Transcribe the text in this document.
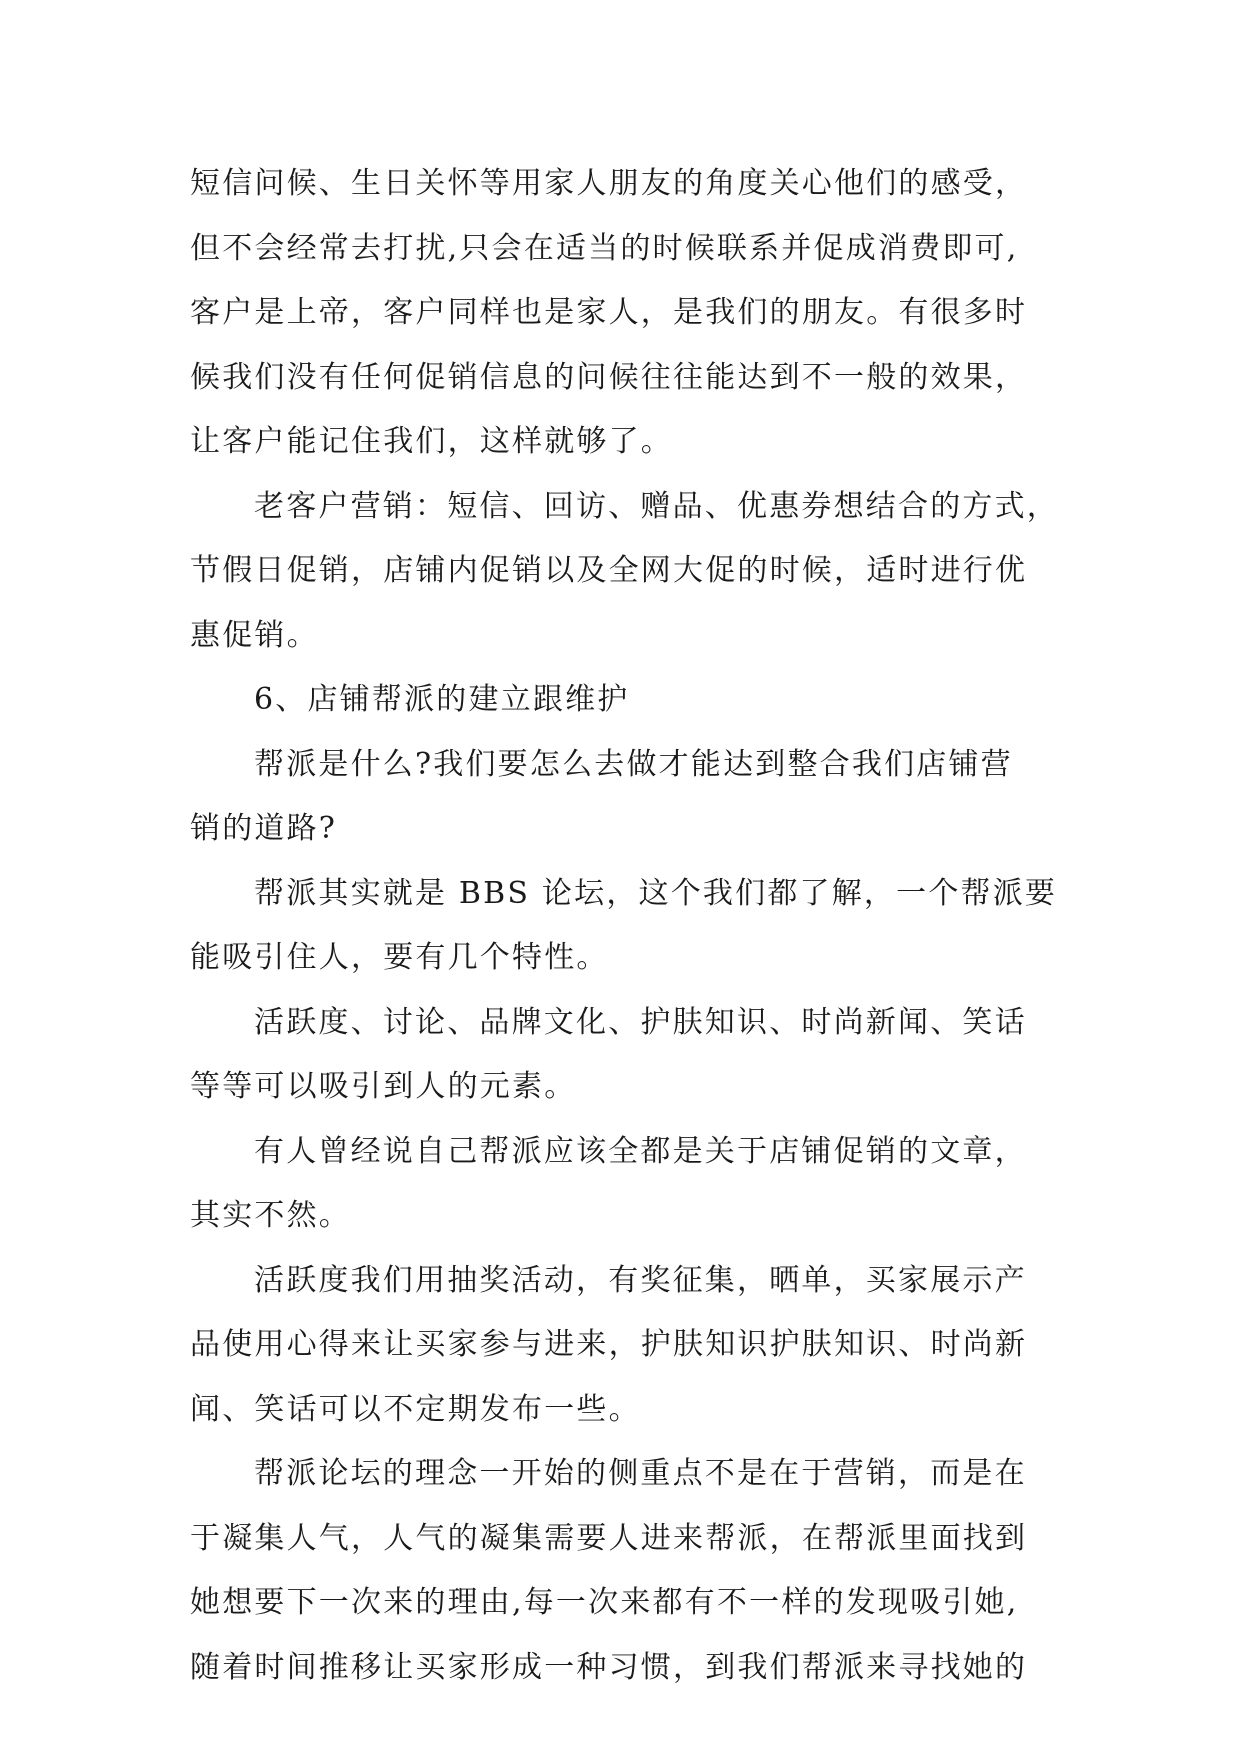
短信问候、生日关怀等用家人朋友的角度关心他们的感受，
但不会经常去打扰,只会在适当的时候联系并促成消费即可,
客户是上帝，客户同样也是家人，是我们的朋友。有很多时
候我们没有任何促销信息的问候往往能达到不一般的效果，
让客户能记住我们，这样就够了。
老客户营销：短信、回访、赠品、优惠券想结合的方式，
节假日促销，店铺内促销以及全网大促的时候，适时进行优
惠促销。
6、店铺帮派的建立跟维护
帮派是什么?我们要怎么去做才能达到整合我们店铺营
销的道路?
帮派其实就是 BBS 论坛，这个我们都了解，一个帮派要
能吸引住人，要有几个特性。
活跃度、讨论、品牌文化、护肤知识、时尚新闻、笑话
等等可以吸引到人的元素。
有人曾经说自己帮派应该全都是关于店铺促销的文章，
其实不然。
活跃度我们用抽奖活动，有奖征集，晒单，买家展示产
品使用心得来让买家参与进来，护肤知识护肤知识、时尚新
闻、笑话可以不定期发布一些。
帮派论坛的理念一开始的侧重点不是在于营销，而是在
于凝集人气，人气的凝集需要人进来帮派，在帮派里面找到
她想要下一次来的理由,每一次来都有不一样的发现吸引她,
随着时间推移让买家形成一种习惯，到我们帮派来寻找她的
